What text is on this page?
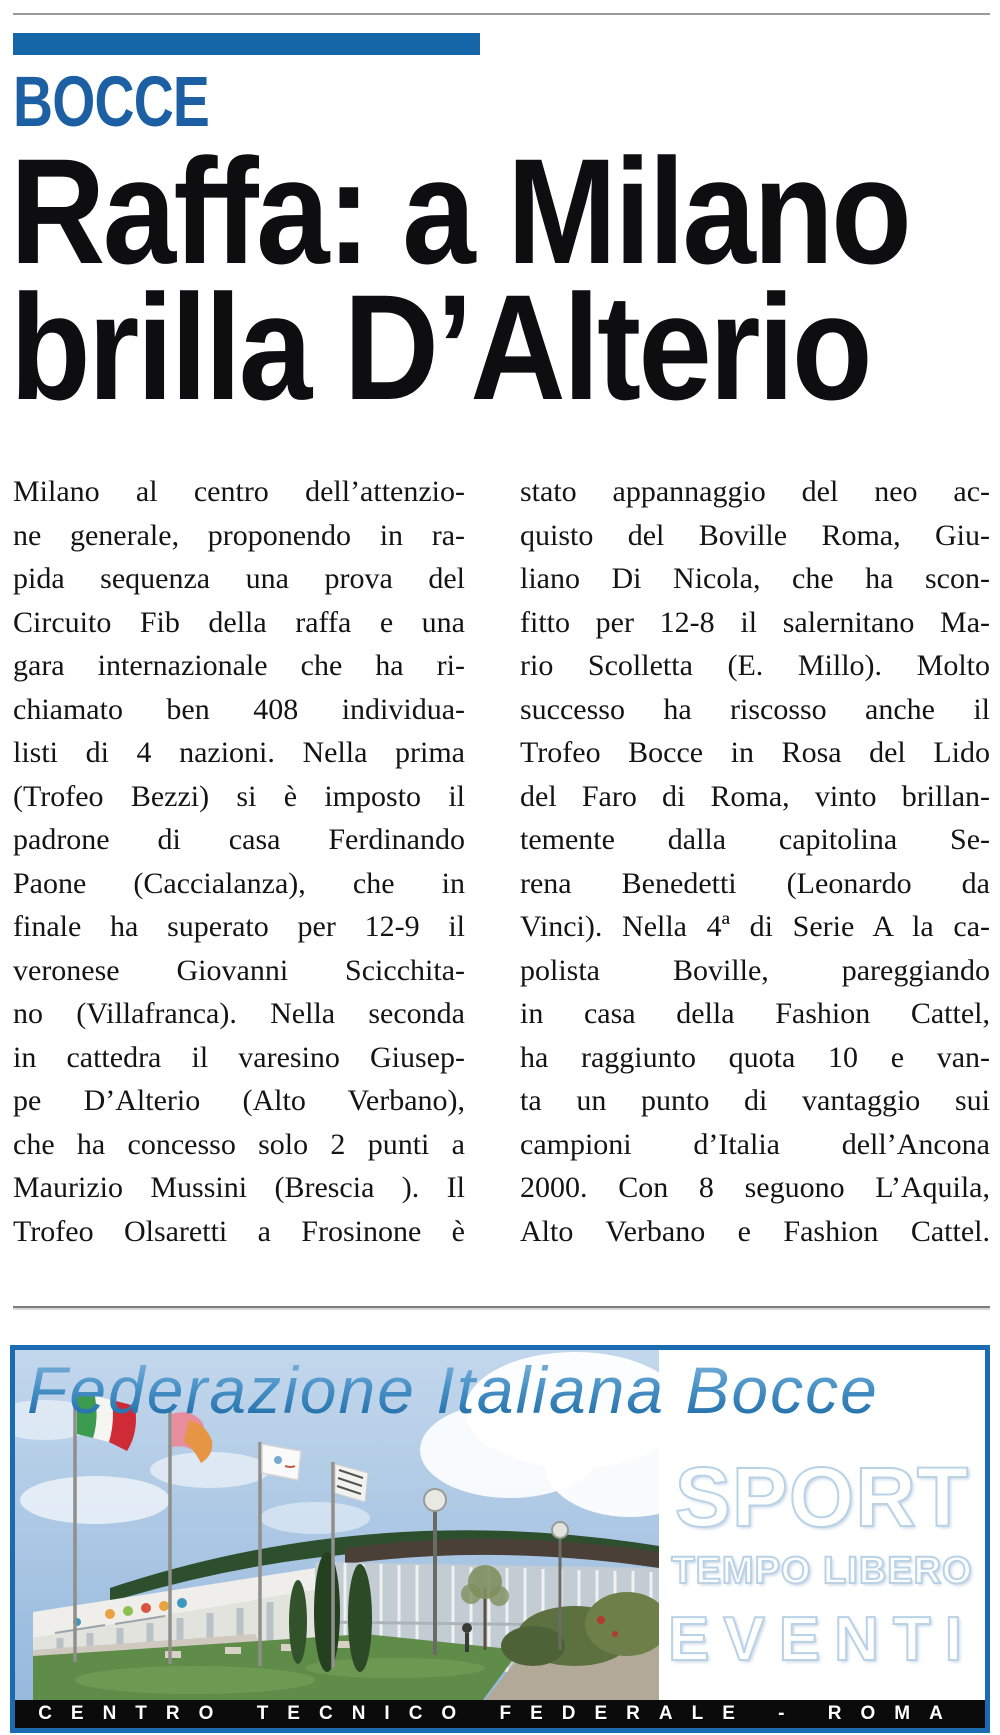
BOCCE
Raffa: a Milano
brilla D’Alterio
Milano al centro dell’attenzio-
ne generale, proponendo in ra-
pida sequenza una prova del
Circuito Fib della raffa e una
gara internazionale che ha ri-
chiamato ben 408 individua-
listi di 4 nazioni. Nella prima
(Trofeo Bezzi) si è imposto il
padrone di casa Ferdinando
Paone (Caccialanza), che in
finale ha superato per 12-9 il
veronese Giovanni Scicchita-
no (Villafranca). Nella seconda
in cattedra il varesino Giusep-
pe D’Alterio (Alto Verbano),
che ha concesso solo 2 punti a
Maurizio Mussini (Brescia ). Il
Trofeo Olsaretti a Frosinone è
stato appannaggio del neo ac-
quisto del Boville Roma, Giu-
liano Di Nicola, che ha scon-
fitto per 12-8 il salernitano Ma-
rio Scolletta (E. Millo). Molto
successo ha riscosso anche il
Trofeo Bocce in Rosa del Lido
del Faro di Roma, vinto brillan-
temente dalla capitolina Se-
rena Benedetti (Leonardo da
Vinci). Nella 4ª di Serie A la ca-
polista Boville, pareggiando
in casa della Fashion Cattel,
ha raggiunto quota 10 e van-
ta un punto di vantaggio sui
campioni d’Italia dell’Ancona
2000. Con 8 seguono L’Aquila,
Alto Verbano e Fashion Cattel.
Federazione Italiana Bocce
SPORT
TEMPO LIBERO
EVENTI
CENTRO TECNICO FEDERALE - ROMA
